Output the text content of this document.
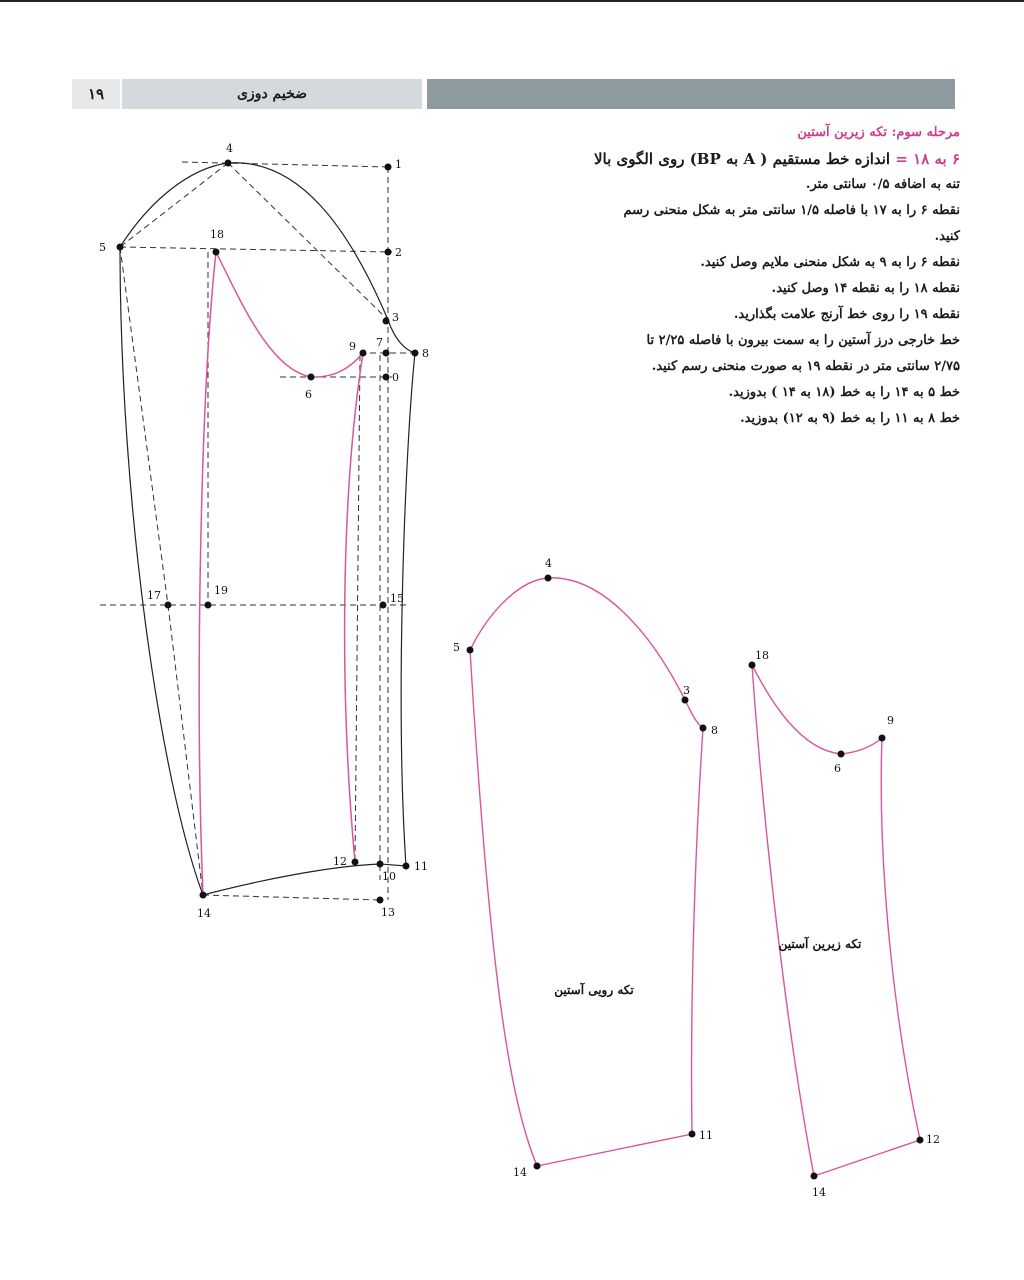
۱۹	ضخیم دوزی
مرحله سوم: تکه زیرین آستین
۶ به ۱۸ = اندازه خط مستقیم ( A به BP) روی الگوی بالا
تنه به اضافه ۰/۵ سانتی متر.
نقطه ۶ را به ۱۷ با فاصله ۱/۵ سانتی متر به شکل منحنی رسم
کنید.
نقطه ۶ را به ۹ به شکل منحنی ملایم وصل کنید.
نقطه ۱۸ را به نقطه ۱۴ وصل کنید.
نقطه ۱۹ را روی خط آرنج علامت بگذارید.
خط خارجی درز آستین را به سمت بیرون با فاصله ۲/۲۵ تا
۲/۷۵ سانتی متر در نقطه ۱۹ به صورت منحنی رسم کنید.
خط ۵ به ۱۴ را به خط (۱۸ به ۱۴ ) بدوزید.
خط ۸ به ۱۱ را به خط (۹ به ۱۲) بدوزید.
1
4
5
18
2
3
9 7
8
0
6
17	19
15
12	11
10
13
14
4
5
3
8
11
14
تکه رویی آستین
18
9
6
12
14
تکه زیرین آستین
